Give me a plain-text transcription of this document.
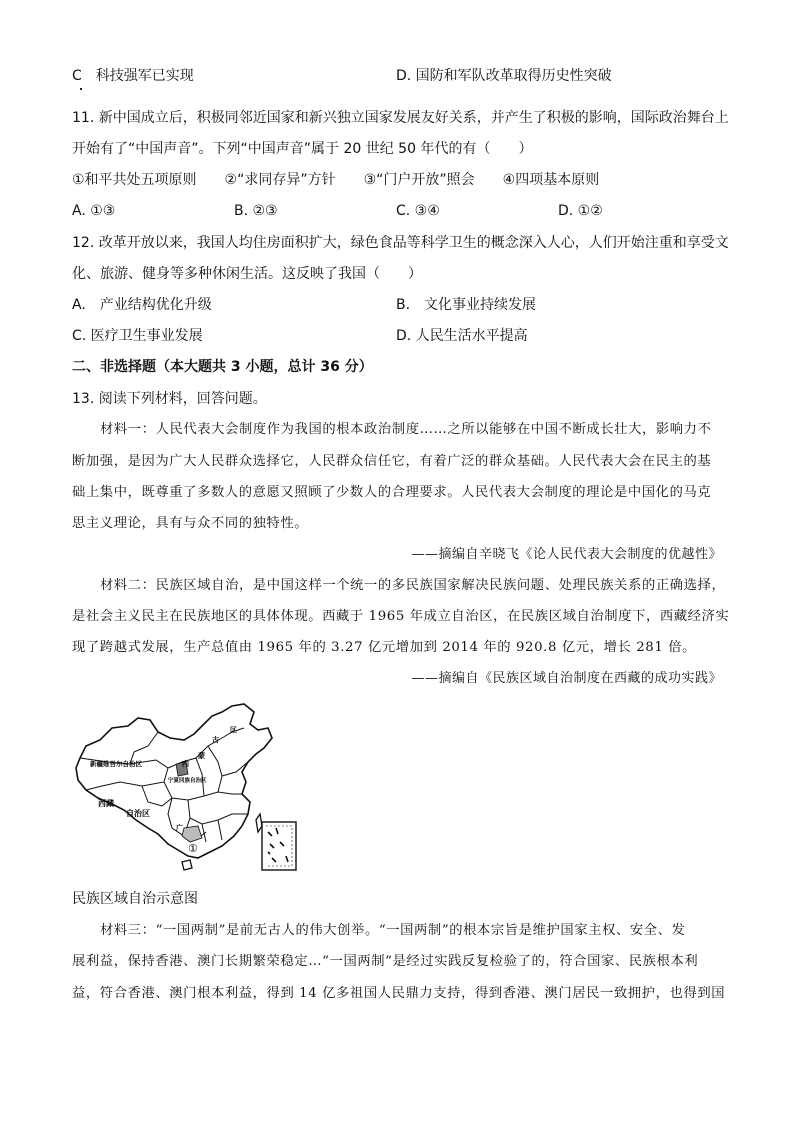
C　科技强军已实现	D. 国防和军队改革取得历史性突破
11. 新中国成立后，积极同邻近国家和新兴独立国家发展友好关系，并产生了积极的影响，国际政治舞台上
开始有了“中国声音”。下列“中国声音”属于 20 世纪 50 年代的有（　　）
①和平共处五项原则　　②“求同存异”方针　　③“门户开放”照会　　④四项基本原则
A. ①③	B. ②③	C. ③④	D. ①②
12. 改革开放以来，我国人均住房面积扩大，绿色食品等科学卫生的概念深入人心，人们开始注重和享受文
化、旅游、健身等多种休闲生活。这反映了我国（　　）
A.　产业结构优化升级	B.　文化事业持续发展
C. 医疗卫生事业发展	D. 人民生活水平提高
二、非选择题（本大题共 3 小题，总计 36 分）
13. 阅读下列材料，回答问题。
材料一：人民代表大会制度作为我国的根本政治制度……之所以能够在中国不断成长壮大，影响力不
断加强，是因为广大人民群众选择它，人民群众信任它，有着广泛的群众基础。人民代表大会在民主的基
础上集中，既尊重了多数人的意愿又照顾了少数人的合理要求。人民代表大会制度的理论是中国化的马克
思主义理论，具有与众不同的独特性。
——摘编自辛晓飞《论人民代表大会制度的优越性》
材料二：民族区域自治，是中国这样一个统一的多民族国家解决民族问题、处理民族关系的正确选择，
是社会主义民主在民族地区的具体体现。西藏于 1965 年成立自治区，在民族区域自治制度下，西藏经济实
现了跨越式发展，生产总值由 1965 年的 3.27 亿元增加到 2014 年的 920.8 亿元，增长 281 倍。
——摘编自《民族区域自治制度在西藏的成功实践》
新疆维吾尔自治区
西藏
自治区
内
蒙
古
区
宁夏回族自治区
广
①
民族区域自治示意图
材料三：“一国两制”是前无古人的伟大创举。“一国两制”的根本宗旨是维护国家主权、安全、发
展利益，保持香港、澳门长期繁荣稳定…“一国两制”是经过实践反复检验了的，符合国家、民族根本利
益，符合香港、澳门根本利益，得到 14 亿多祖国人民鼎力支持，得到香港、澳门居民一致拥护，也得到国
